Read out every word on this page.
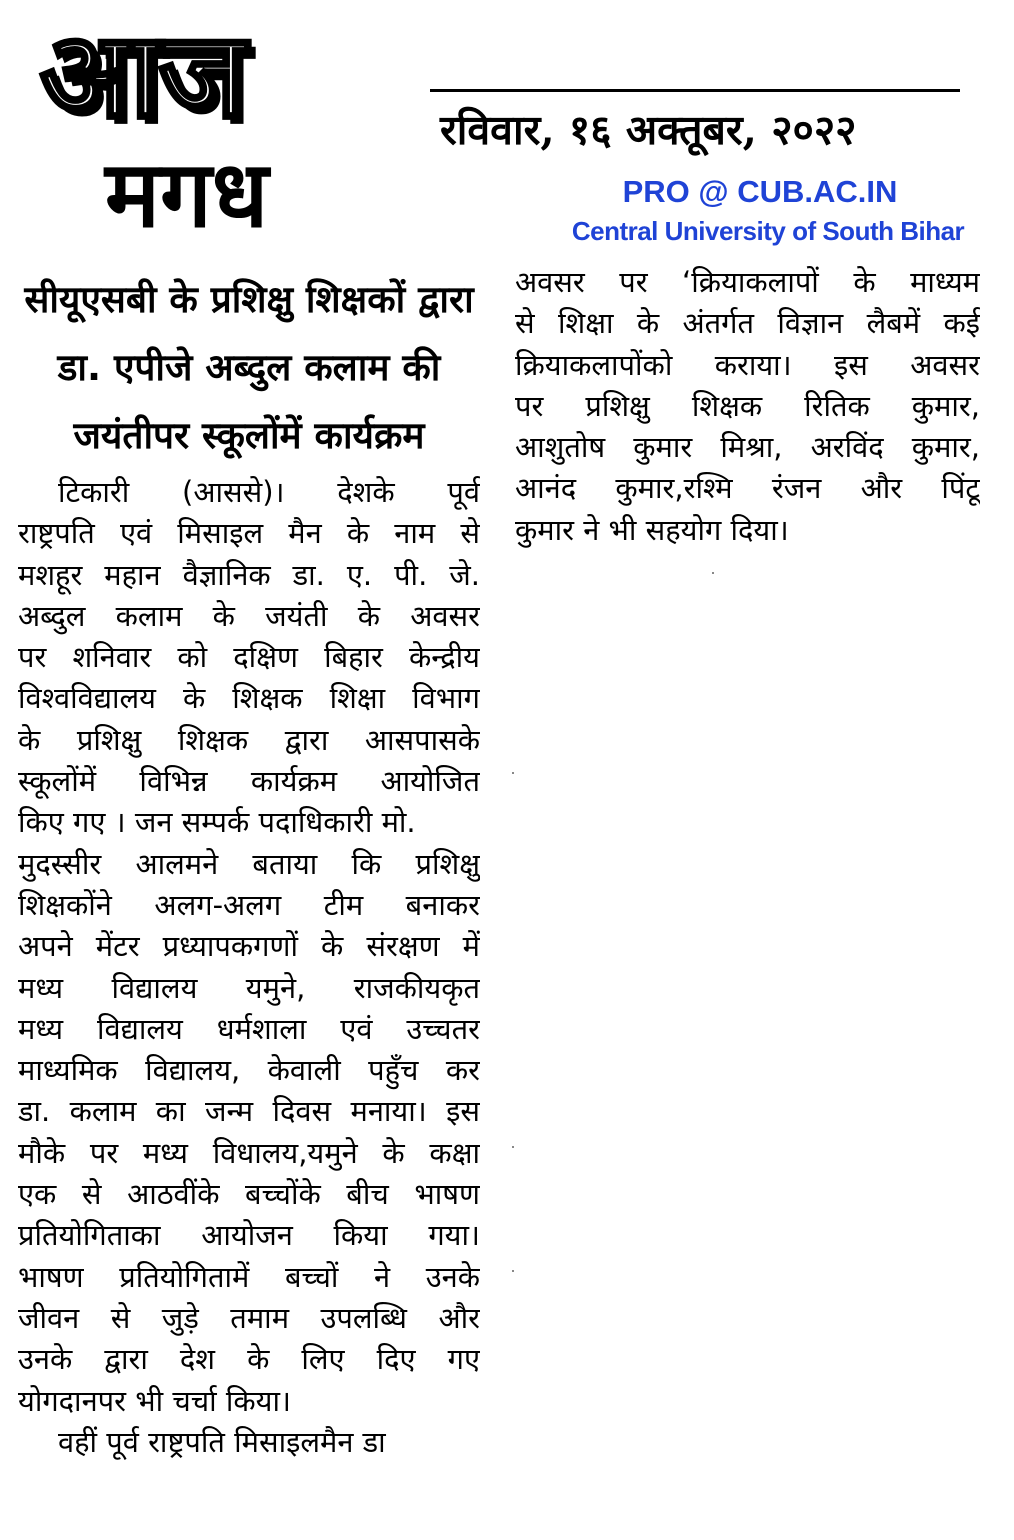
आज
मगध
रविवार, १६ अक्तूबर, २०२२
PRO @ CUB.AC.IN
Central University of South Bihar
सीयूएसबी के प्रशिक्षु शिक्षकों द्वारा
डा. एपीजे अब्दुल कलाम की
जयंतीपर स्कूलोंमें कार्यक्रम
टिकारी (आससे)। देशके पूर्व
राष्ट्रपति एवं मिसाइल मैन के नाम से
मशहूर महान वैज्ञानिक डा. ए. पी. जे.
अब्दुल कलाम के जयंती के अवसर
पर शनिवार को दक्षिण बिहार केन्द्रीय
विश्वविद्यालय के शिक्षक शिक्षा विभाग
के प्रशिक्षु शिक्षक द्वारा आसपासके
स्कूलोंमें विभिन्न कार्यक्रम आयोजित
किए गए । जन सम्पर्क पदाधिकारी मो.
मुदस्सीर आलमने बताया कि प्रशिक्षु
शिक्षकोंने अलग-अलग टीम बनाकर
अपने मेंटर प्रध्यापकगणों के संरक्षण में
मध्य विद्यालय यमुने, राजकीयकृत
मध्य विद्यालय धर्मशाला एवं उच्चतर
माध्यमिक विद्यालय, केवाली पहुँच कर
डा. कलाम का जन्म दिवस मनाया। इस
मौके पर मध्य विधालय,यमुने के कक्षा
एक से आठवींके बच्चोंके बीच भाषण
प्रतियोगिताका आयोजन किया गया।
भाषण प्रतियोगितामें बच्चों ने उनके
जीवन से जुड़े तमाम उपलब्धि और
उनके द्वारा देश के लिए दिए गए
योगदानपर भी चर्चा किया।
वहीं पूर्व राष्ट्रपति मिसाइलमैन डा
अवसर पर ‘क्रियाकलापों के माध्यम
से शिक्षा के अंतर्गत विज्ञान लैबमें कई
क्रियाकलापोंको कराया। इस अवसर
पर प्रशिक्षु शिक्षक रितिक कुमार,
आशुतोष कुमार मिश्रा, अरविंद कुमार,
आनंद कुमार,रश्मि रंजन और पिंटू
कुमार ने भी सहयोग दिया।
